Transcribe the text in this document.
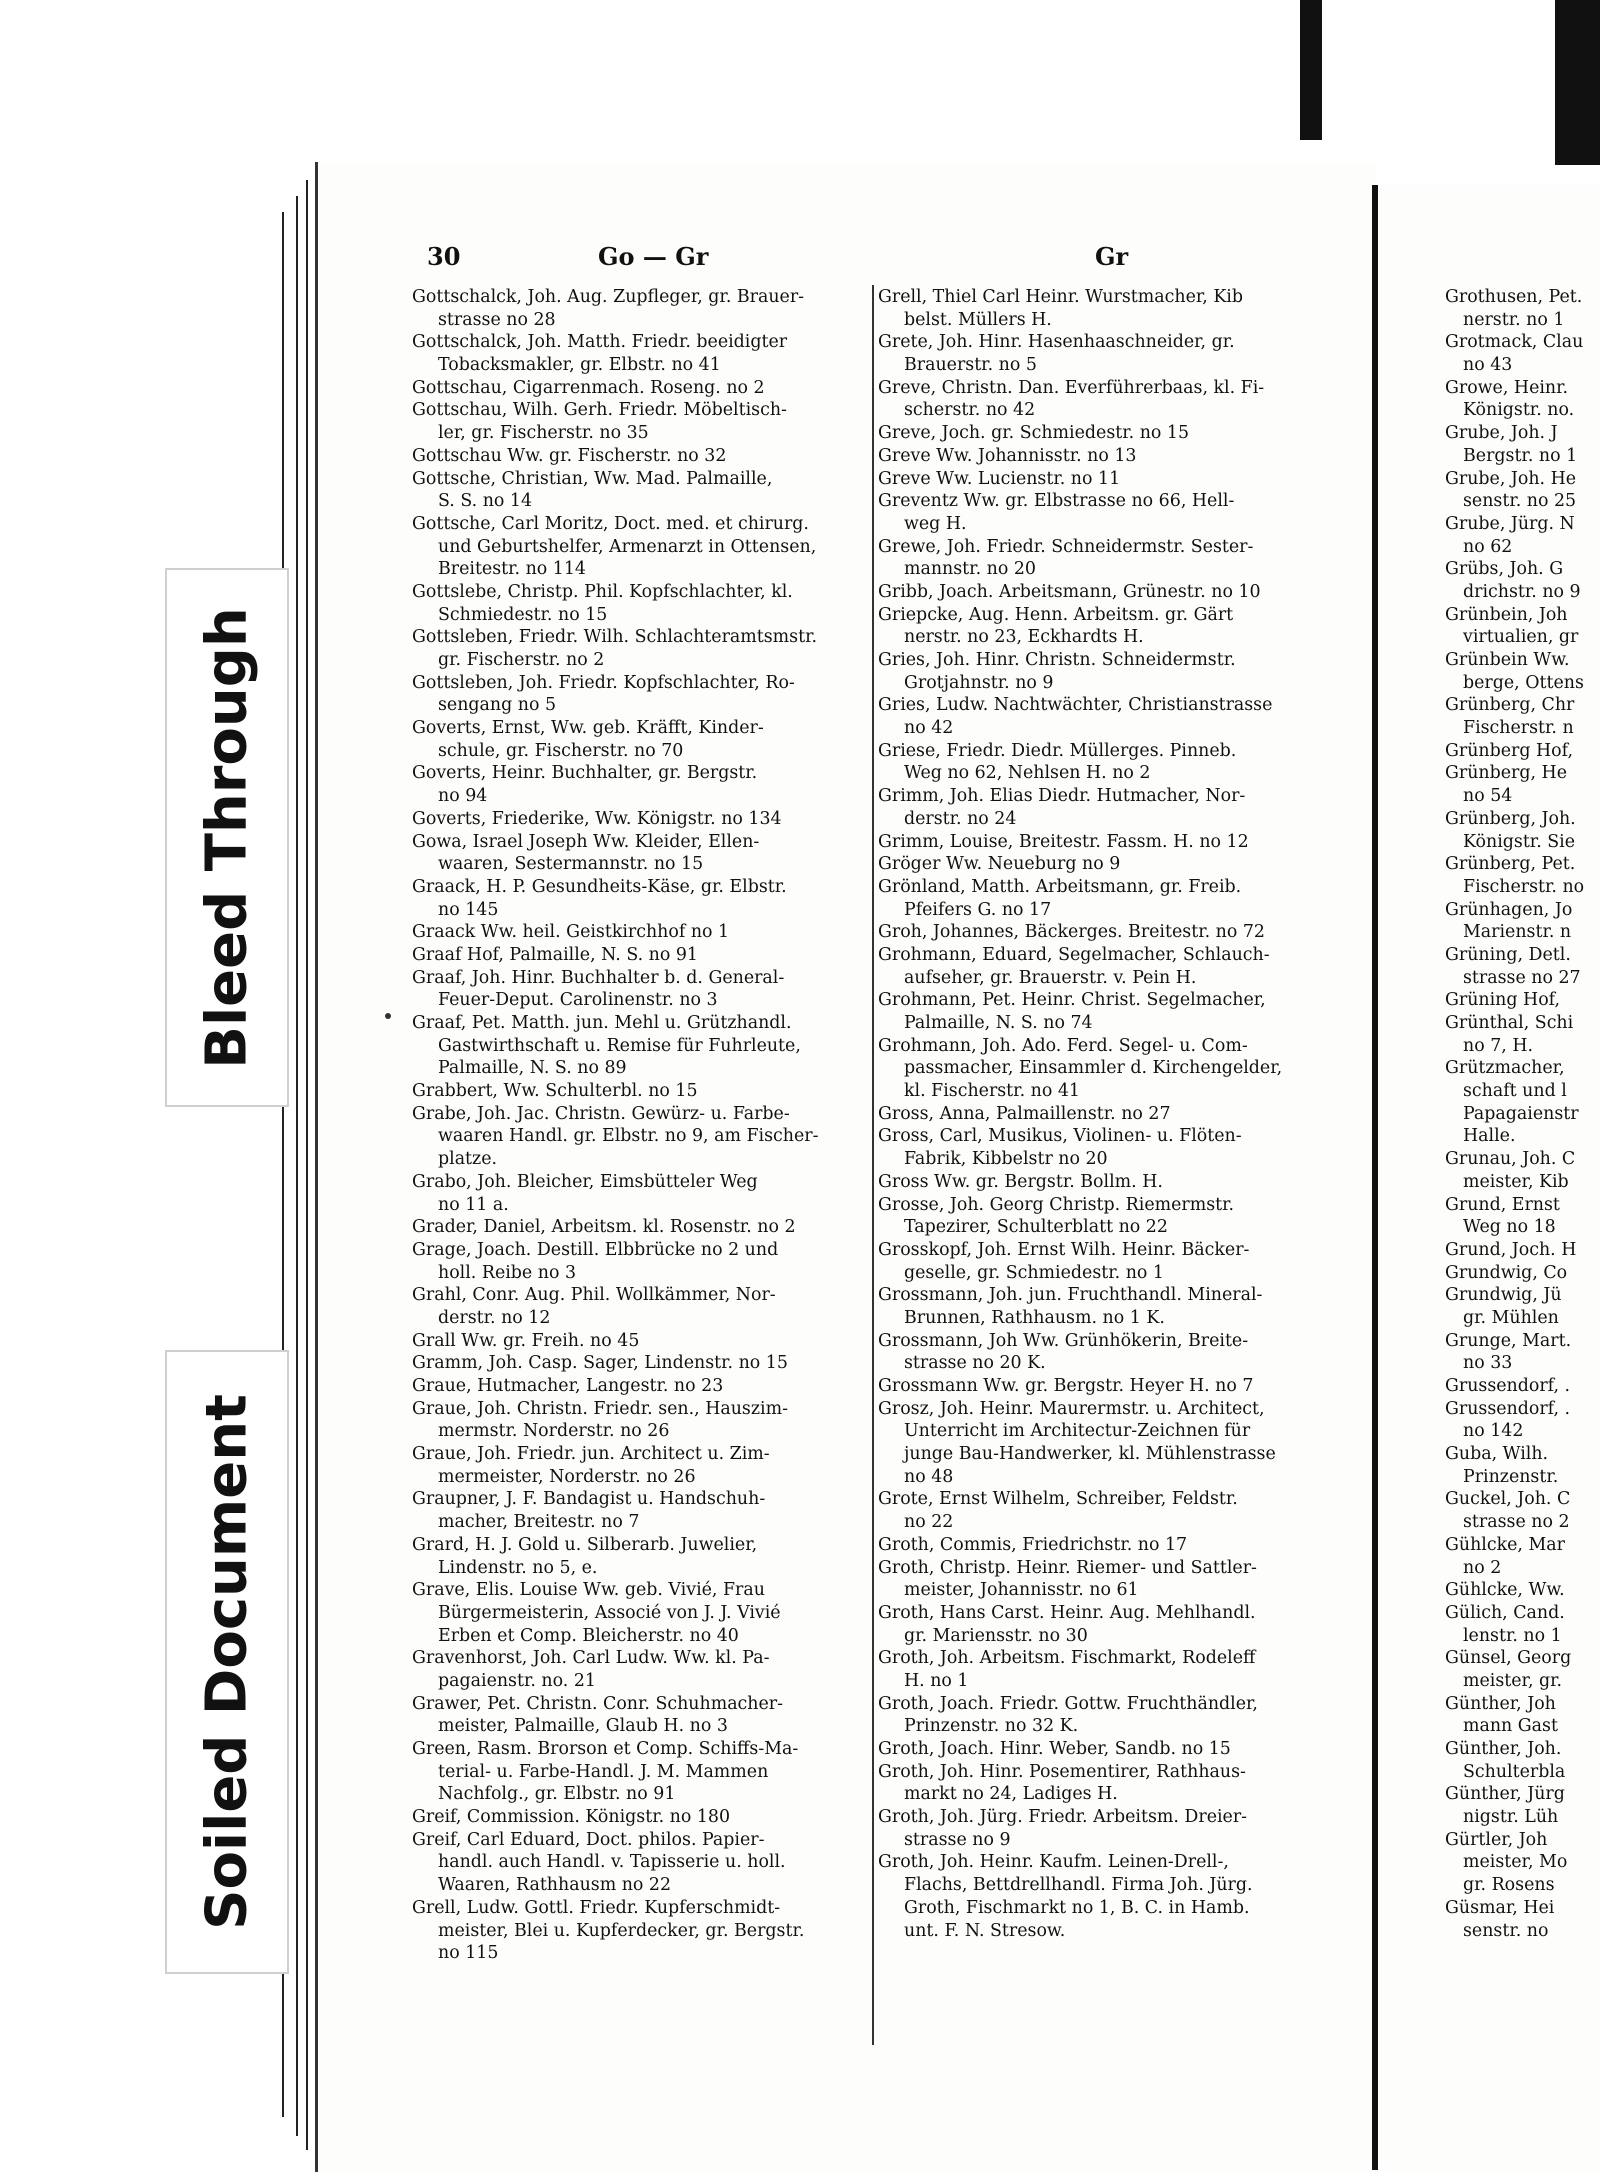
Bleed Through
Soiled Document
30	Go — Gr	Gr
Gottschalck, Joh. Aug. Zupfleger, gr. Brauer-
strasse no 28
Gottschalck, Joh. Matth. Friedr. beeidigter
Tobacksmakler, gr. Elbstr. no 41
Gottschau, Cigarrenmach. Roseng. no 2
Gottschau, Wilh. Gerh. Friedr. Möbeltisch-
ler, gr. Fischerstr. no 35
Gottschau Ww. gr. Fischerstr. no 32
Gottsche, Christian, Ww. Mad. Palmaille,
S. S. no 14
Gottsche, Carl Moritz, Doct. med. et chirurg.
und Geburtshelfer, Armenarzt in Ottensen,
Breitestr. no 114
Gottslebe, Christp. Phil. Kopfschlachter, kl.
Schmiedestr. no 15
Gottsleben, Friedr. Wilh. Schlachteramtsmstr.
gr. Fischerstr. no 2
Gottsleben, Joh. Friedr. Kopfschlachter, Ro-
sengang no 5
Goverts, Ernst, Ww. geb. Kräfft, Kinder-
schule, gr. Fischerstr. no 70
Goverts, Heinr. Buchhalter, gr. Bergstr.
no 94
Goverts, Friederike, Ww. Königstr. no 134
Gowa, Israel Joseph Ww. Kleider, Ellen-
waaren, Sestermannstr. no 15
Graack, H. P. Gesundheits-Käse, gr. Elbstr.
no 145
Graack Ww. heil. Geistkirchhof no 1
Graaf Hof, Palmaille, N. S. no 91
Graaf, Joh. Hinr. Buchhalter b. d. General-
Feuer-Deput. Carolinenstr. no 3
Graaf, Pet. Matth. jun. Mehl u. Grützhandl.
Gastwirthschaft u. Remise für Fuhrleute,
Palmaille, N. S. no 89
Grabbert, Ww. Schulterbl. no 15
Grabe, Joh. Jac. Christn. Gewürz- u. Farbe-
waaren Handl. gr. Elbstr. no 9, am Fischer-
platze.
Grabo, Joh. Bleicher, Eimsbütteler Weg
no 11 a.
Grader, Daniel, Arbeitsm. kl. Rosenstr. no 2
Grage, Joach. Destill. Elbbrücke no 2 und
holl. Reibe no 3
Grahl, Conr. Aug. Phil. Wollkämmer, Nor-
derstr. no 12
Grall Ww. gr. Freih. no 45
Gramm, Joh. Casp. Sager, Lindenstr. no 15
Graue, Hutmacher, Langestr. no 23
Graue, Joh. Christn. Friedr. sen., Hauszim-
mermstr. Norderstr. no 26
Graue, Joh. Friedr. jun. Architect u. Zim-
mermeister, Norderstr. no 26
Graupner, J. F. Bandagist u. Handschuh-
macher, Breitestr. no 7
Grard, H. J. Gold u. Silberarb. Juwelier,
Lindenstr. no 5, e.
Grave, Elis. Louise Ww. geb. Vivié, Frau
Bürgermeisterin, Associé von J. J. Vivié
Erben et Comp. Bleicherstr. no 40
Gravenhorst, Joh. Carl Ludw. Ww. kl. Pa-
pagaienstr. no. 21
Grawer, Pet. Christn. Conr. Schuhmacher-
meister, Palmaille, Glaub H. no 3
Green, Rasm. Brorson et Comp. Schiffs-Ma-
terial- u. Farbe-Handl. J. M. Mammen
Nachfolg., gr. Elbstr. no 91
Greif, Commission. Königstr. no 180
Greif, Carl Eduard, Doct. philos. Papier-
handl. auch Handl. v. Tapisserie u. holl.
Waaren, Rathhausm no 22
Grell, Ludw. Gottl. Friedr. Kupferschmidt-
meister, Blei u. Kupferdecker, gr. Bergstr.
no 115
Grell, Thiel Carl Heinr. Wurstmacher, Kib
belst. Müllers H.
Grete, Joh. Hinr. Hasenhaaschneider, gr.
Brauerstr. no 5
Greve, Christn. Dan. Everführerbaas, kl. Fi-
scherstr. no 42
Greve, Joch. gr. Schmiedestr. no 15
Greve Ww. Johannisstr. no 13
Greve Ww. Lucienstr. no 11
Greventz Ww. gr. Elbstrasse no 66, Hell-
weg H.
Grewe, Joh. Friedr. Schneidermstr. Sester-
mannstr. no 20
Gribb, Joach. Arbeitsmann, Grünestr. no 10
Griepcke, Aug. Henn. Arbeitsm. gr. Gärt
nerstr. no 23, Eckhardts H.
Gries, Joh. Hinr. Christn. Schneidermstr.
Grotjahnstr. no 9
Gries, Ludw. Nachtwächter, Christianstrasse
no 42
Griese, Friedr. Diedr. Müllerges. Pinneb.
Weg no 62, Nehlsen H. no 2
Grimm, Joh. Elias Diedr. Hutmacher, Nor-
derstr. no 24
Grimm, Louise, Breitestr. Fassm. H. no 12
Gröger Ww. Neueburg no 9
Grönland, Matth. Arbeitsmann, gr. Freib.
Pfeifers G. no 17
Groh, Johannes, Bäckerges. Breitestr. no 72
Grohmann, Eduard, Segelmacher, Schlauch-
aufseher, gr. Brauerstr. v. Pein H.
Grohmann, Pet. Heinr. Christ. Segelmacher,
Palmaille, N. S. no 74
Grohmann, Joh. Ado. Ferd. Segel- u. Com-
passmacher, Einsammler d. Kirchengelder,
kl. Fischerstr. no 41
Gross, Anna, Palmaillenstr. no 27
Gross, Carl, Musikus, Violinen- u. Flöten-
Fabrik, Kibbelstr no 20
Gross Ww. gr. Bergstr. Bollm. H.
Grosse, Joh. Georg Christp. Riemermstr.
Tapezirer, Schulterblatt no 22
Grosskopf, Joh. Ernst Wilh. Heinr. Bäcker-
geselle, gr. Schmiedestr. no 1
Grossmann, Joh. jun. Fruchthandl. Mineral-
Brunnen, Rathhausm. no 1 K.
Grossmann, Joh Ww. Grünhökerin, Breite-
strasse no 20 K.
Grossmann Ww. gr. Bergstr. Heyer H. no 7
Grosz, Joh. Heinr. Maurermstr. u. Architect,
Unterricht im Architectur-Zeichnen für
junge Bau-Handwerker, kl. Mühlenstrasse
no 48
Grote, Ernst Wilhelm, Schreiber, Feldstr.
no 22
Groth, Commis, Friedrichstr. no 17
Groth, Christp. Heinr. Riemer- und Sattler-
meister, Johannisstr. no 61
Groth, Hans Carst. Heinr. Aug. Mehlhandl.
gr. Mariensstr. no 30
Groth, Joh. Arbeitsm. Fischmarkt, Rodeleff
H. no 1
Groth, Joach. Friedr. Gottw. Fruchthändler,
Prinzenstr. no 32 K.
Groth, Joach. Hinr. Weber, Sandb. no 15
Groth, Joh. Hinr. Posementirer, Rathhaus-
markt no 24, Ladiges H.
Groth, Joh. Jürg. Friedr. Arbeitsm. Dreier-
strasse no 9
Groth, Joh. Heinr. Kaufm. Leinen-Drell-,
Flachs, Bettdrellhandl. Firma Joh. Jürg.
Groth, Fischmarkt no 1, B. C. in Hamb.
unt. F. N. Stresow.
Grothusen, Pet.
nerstr. no 1
Grotmack, Clau
no 43
Growe, Heinr.
Königstr. no.
Grube, Joh. J
Bergstr. no 1
Grube, Joh. He
senstr. no 25
Grube, Jürg. N
no 62
Grübs, Joh. G
drichstr. no 9
Grünbein, Joh
virtualien, gr
Grünbein Ww.
berge, Ottens
Grünberg, Chr
Fischerstr. n
Grünberg Hof,
Grünberg, He
no 54
Grünberg, Joh.
Königstr. Sie
Grünberg, Pet.
Fischerstr. no
Grünhagen, Jo
Marienstr. n
Grüning, Detl.
strasse no 27
Grüning Hof,
Grünthal, Schi
no 7, H.
Grützmacher,
schaft und l
Papagaienstr
Halle.
Grunau, Joh. C
meister, Kib
Grund, Ernst
Weg no 18
Grund, Joch. H
Grundwig, Co
Grundwig, Jü
gr. Mühlen
Grunge, Mart.
no 33
Grussendorf, .
Grussendorf, .
no 142
Guba, Wilh.
Prinzenstr.
Guckel, Joh. C
strasse no 2
Gühlcke, Mar
no 2
Gühlcke, Ww.
Gülich, Cand.
lenstr. no 1
Günsel, Georg
meister, gr.
Günther, Joh
mann Gast
Günther, Joh.
Schulterbla
Günther, Jürg
nigstr. Lüh
Gürtler, Joh
meister, Mo
gr. Rosens
Güsmar, Hei
senstr. no
